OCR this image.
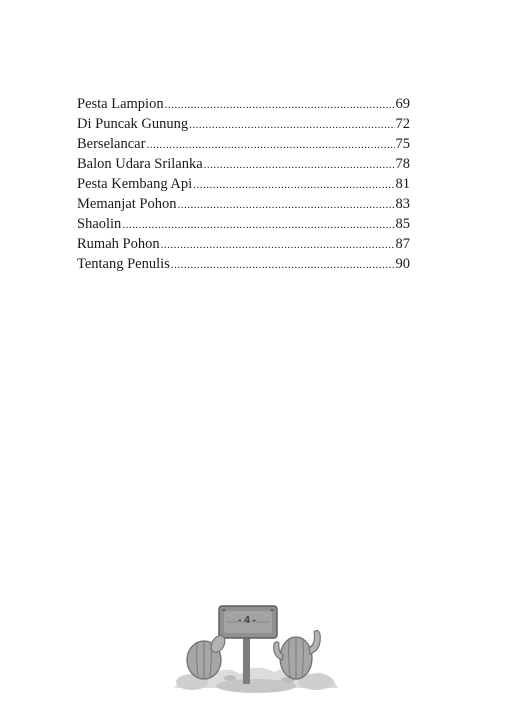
Pesta Lampion .....	69
Di Puncak Gunung .....	72
Berselancar .....	75
Balon Udara Srilanka .....	78
Pesta Kembang Api .....	81
Memanjat Pohon .....	83
Shaolin .....	85
Rumah Pohon .....	87
Tentang Penulis .....	90
- 4 -
